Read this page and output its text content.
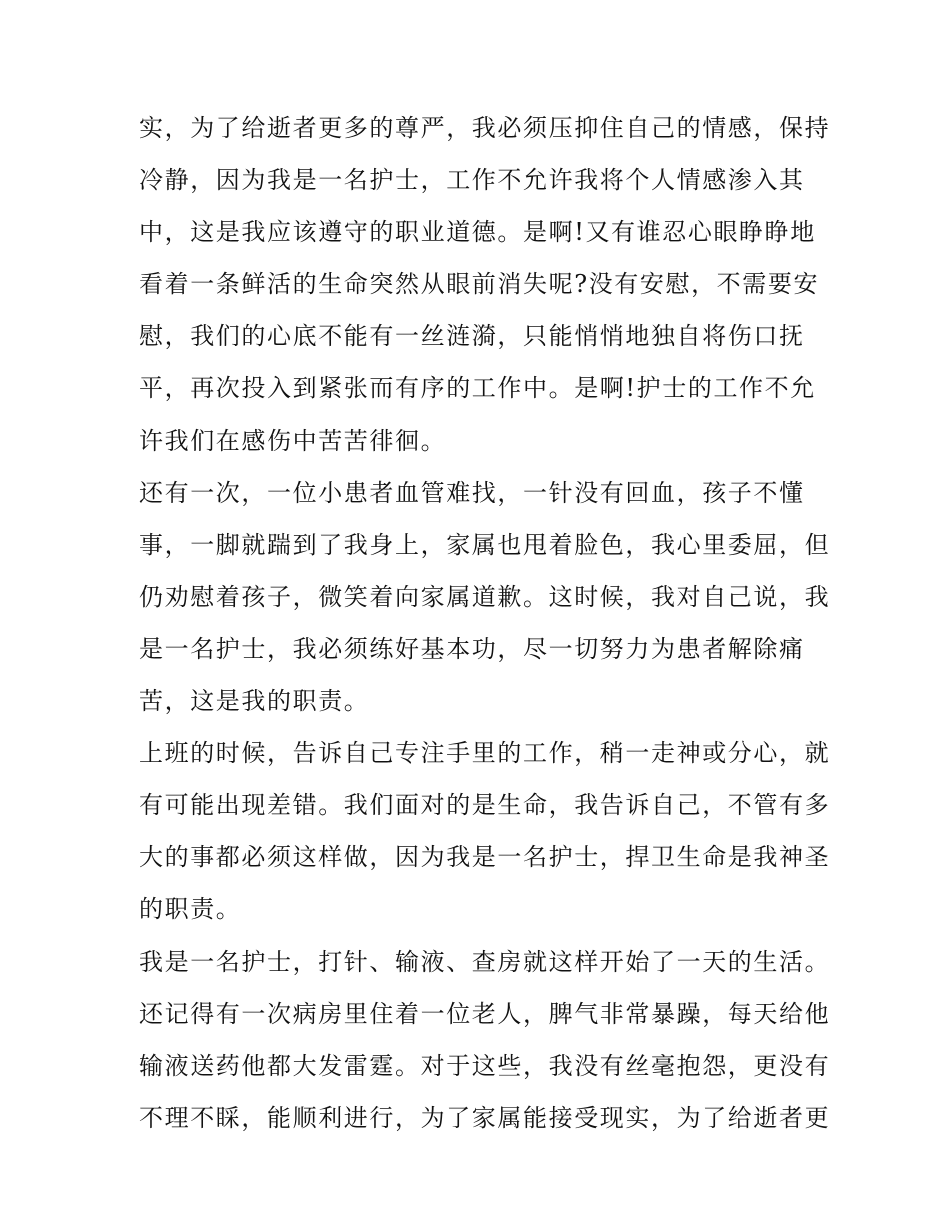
实，为了给逝者更多的尊严，我必须压抑住自己的情感，保持
冷静，因为我是一名护士，工作不允许我将个人情感渗入其
中，这是我应该遵守的职业道德。是啊!又有谁忍心眼睁睁地
看着一条鲜活的生命突然从眼前消失呢?没有安慰，不需要安
慰，我们的心底不能有一丝涟漪，只能悄悄地独自将伤口抚
平，再次投入到紧张而有序的工作中。是啊!护士的工作不允
许我们在感伤中苦苦徘徊。
还有一次，一位小患者血管难找，一针没有回血，孩子不懂
事，一脚就踹到了我身上，家属也甩着脸色，我心里委屈，但
仍劝慰着孩子，微笑着向家属道歉。这时候，我对自己说，我
是一名护士，我必须练好基本功，尽一切努力为患者解除痛
苦，这是我的职责。
上班的时候，告诉自己专注手里的工作，稍一走神或分心，就
有可能出现差错。我们面对的是生命，我告诉自己，不管有多
大的事都必须这样做，因为我是一名护士，捍卫生命是我神圣
的职责。
我是一名护士，打针、输液、查房就这样开始了一天的生活。
还记得有一次病房里住着一位老人，脾气非常暴躁，每天给他
输液送药他都大发雷霆。对于这些，我没有丝毫抱怨，更没有
不理不睬，能顺利进行，为了家属能接受现实，为了给逝者更
